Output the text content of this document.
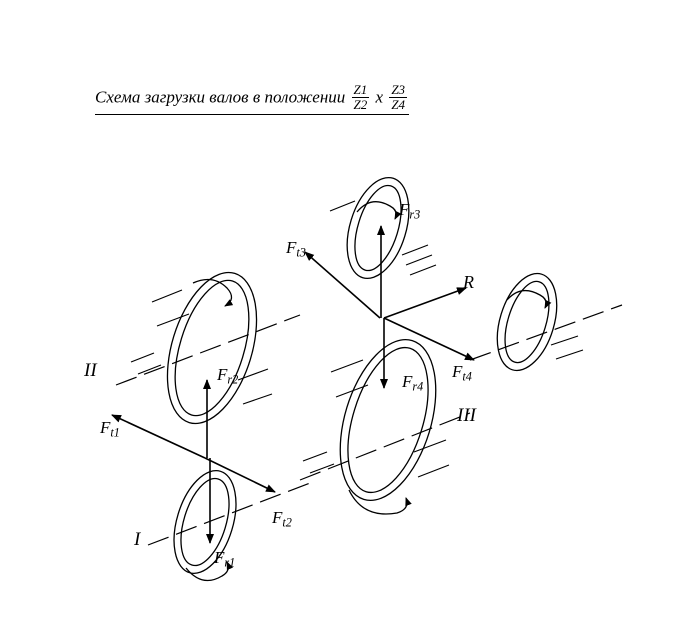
Схема загрузки валов в положении $\frac{Z1}{Z2}$ x $\frac{Z3}{Z4}$
I
II
III
R
$F_{t1}$
$F_{t2}$
$F_{r1}$
$F_{r2}$
$F_{t3}$
$F_{r3}$
$F_{r4}$
$F_{t4}$
